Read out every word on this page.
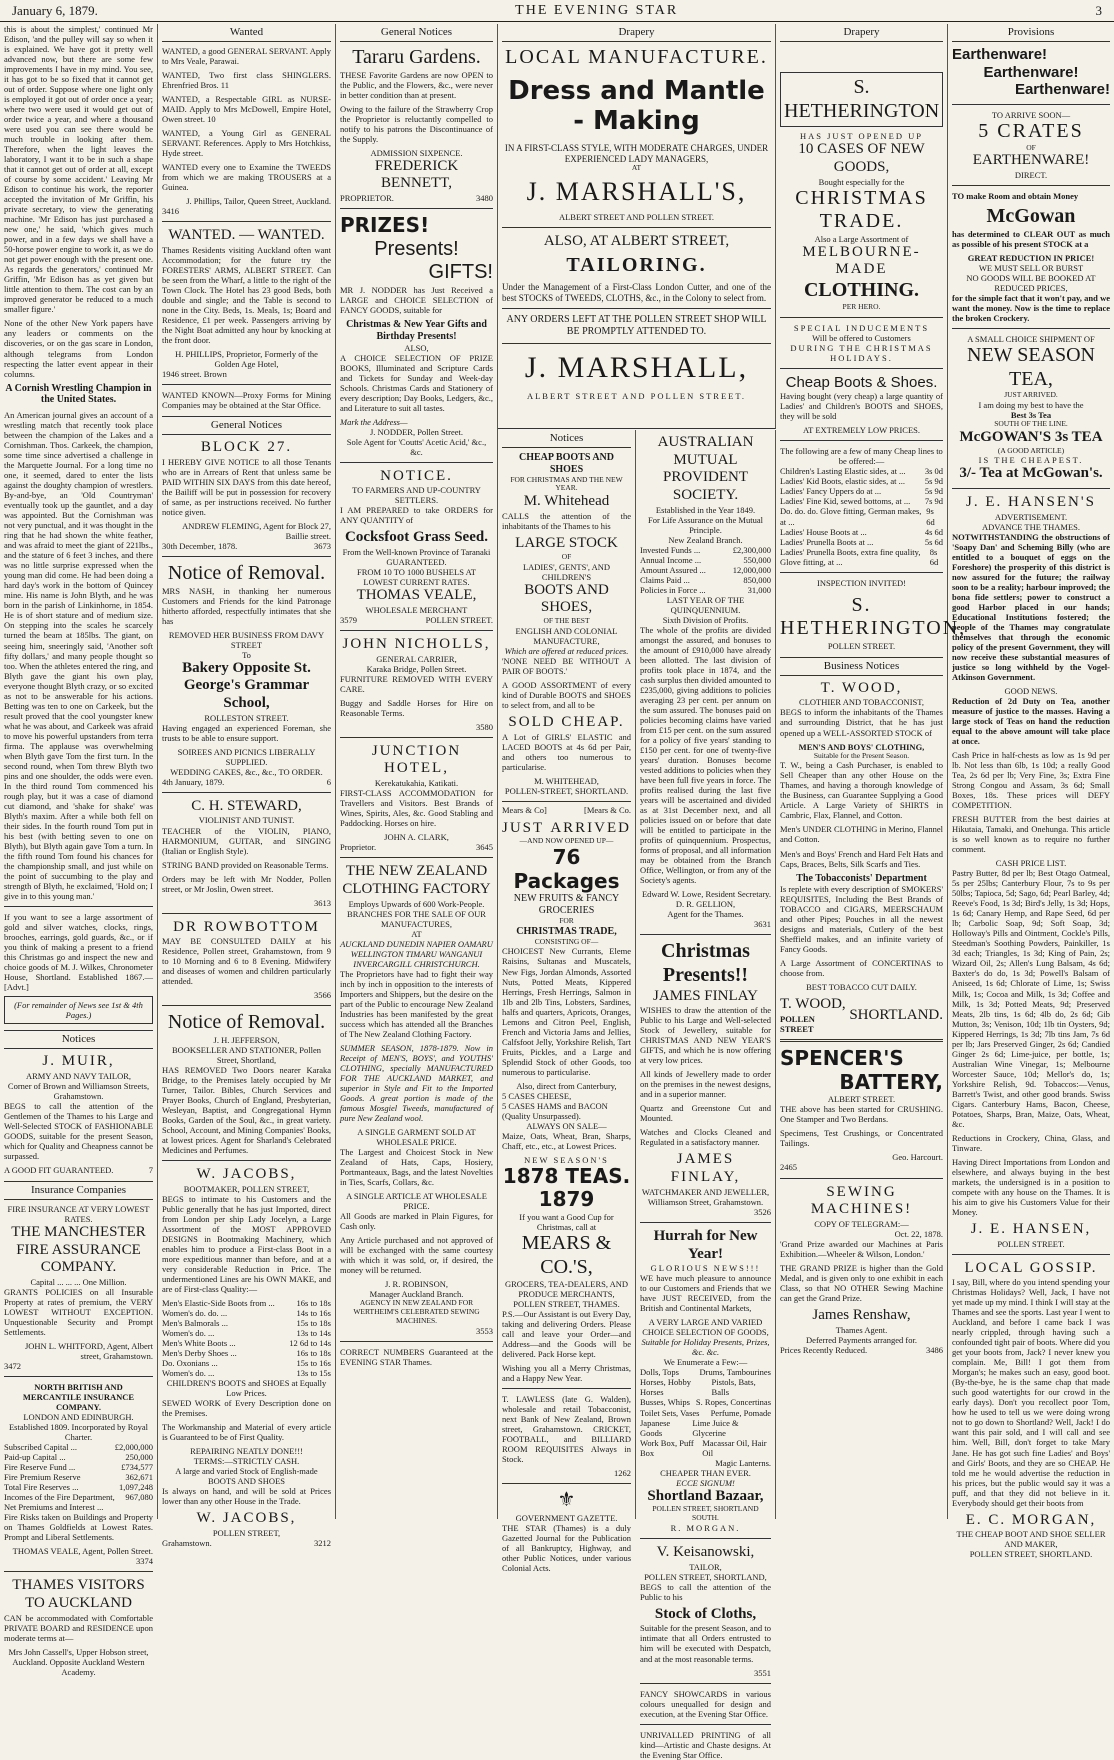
January 6, 1879.	THE EVENING STAR	3

this is about the simplest,' continued Mr Edison, 'and the pulley will say so when it is explained. We have got it pretty well advanced now, but there are some few improvements I have in my mind. You see, it has got to be so fixed that it cannot get out of order. Suppose where one light only is employed it got out of order once a year; where two were used it would get out of order twice a year, and where a thousand were used you can see there would be much trouble in looking after them. Therefore, when the light leaves the laboratory, I want it to be in such a shape that it cannot get out of order at all, except of course by some accident.' Leaving Mr Edison to continue his work, the reporter accepted the invitation of Mr Griffin, his private secretary, to view the generating machine. 'Mr Edison has just purchased a new one,' he said, 'which gives much power, and in a few days we shall have a 50-horse power engine to work it, as we do not get power enough with the present one. As regards the generators,' continued Mr Griffin, 'Mr Edison has as yet given but little attention to them. The cost can by an improved generator be reduced to a much smaller figure.'

None of the other New York papers have any leaders or comments on the discoveries, or on the gas scare in London, although telegrams from London respecting the latter event appear in their columns.

A Cornish Wrestling Champion in the United States.

An American journal gives an account of a wrestling match that recently took place between the champion of the Lakes and a Cornishman. Thos. Carkeek, the champion, some time since advertised a challenge in the Marquette Journal. For a long time no one, it seemed, dared to enter the lists against the doughty champion of wrestlers. By-and-bye, an 'Old Countryman' eventually took up the gauntlet, and a day was appointed. But the Cornishman was not very punctual, and it was thought in the ring that he had shown the white feather, and was afraid to meet the giant of 221lbs., and the stature of 6 feet 3 inches, and there was no little surprise expressed when the young man did come. He had been doing a hard day's work in the bottom of Quincey mine. His name is John Blyth, and he was born in the parish of Linkinhorne, in 1854. He is of short stature and of medium size. On stepping into the scales he scarcely turned the beam at 185lbs. The giant, on seeing him, sneeringly said, 'Another soft fifty dollars,' and many people thought so too. When the athletes entered the ring, and Blyth gave the giant his own play, everyone thought Blyth crazy, or so excited as not to be answerable for his actions. Betting was ten to one on Carkeek, but the result proved that the cool youngster knew what he was about, and Carkeek was afraid to move his powerful upstanders from terra firma. The applause was overwhelming when Blyth gave Tom the first turn. In the second round, when Tom threw Blyth two pins and one shoulder, the odds were even. In the third round Tom commenced his rough play, but it was a case of diamond cut diamond, and 'shake for shake' was Blyth's maxim. After a while both fell on their sides. In the fourth round Tom put in his best (with betting seven to one on Blyth), but Blyth again gave Tom a turn. In the fifth round Tom found his chances for the championship small, and just while on the point of succumbing to the play and strength of Blyth, he exclaimed, 'Hold on; I give in to this young man.'

If you want to see a large assortment of gold and silver watches, clocks, rings, brooches, earrings, gold guards, &c., or if you think of making a present to a friend this Christmas go and inspect the new and choice goods of M. J. Wilkes, Chronometer House, Shortland. Established 1867.—[Advt.]

(For remainder of News see 1st & 4th Pages.)
Notices
J. MUIR,
ARMY AND NAVY TAILOR,
Corner of Brown and Williamson Streets, Grahamstown.

BEGS to call the attention of the Gentlemen of the Thames to his Large and Well-Selected STOCK of FASHIONABLE GOODS, suitable for the present Season, which for Quality and Cheapness cannot be surpassed.

A GOOD FIT GUARANTEED.	7
Insurance Companies
FIRE INSURANCE AT VERY LOWEST RATES.
THE MANCHESTER FIRE ASSURANCE COMPANY.
Capital ... ... ... One Million.

GRANTS POLICIES on all Insurable Property at rates of premium, the VERY LOWEST WITHOUT EXCEPTION. Unquestionable Security and Prompt Settlements.

JOHN L. WHITFORD, Agent, Albert street, Grahamstown.
3472
NORTH BRITISH AND MERCANTILE INSURANCE COMPANY.
LONDON AND EDINBURGH.
Established 1809. Incorporated by Royal Charter.
Subscribed Capital ...	£2,000,000
Paid-up Capital ...	250,000
Fire Reserve Fund ...	£734,577
Fire Premium Reserve	362,671
Total Fire Reserves ...	1,097,248
Incomes of the Fire Department, Net Premiums and Interest ...
967,080

Fire Risks taken on Buildings and Property on Thames Goldfields at Lowest Rates. Prompt and Liberal Settlements.

THOMAS VEALE, Agent, Pollen Street.
3374
THAMES VISITORS TO AUCKLAND

CAN be accommodated with Comfortable PRIVATE BOARD and RESIDENCE upon moderate terms at—

Mrs John Cassell's, Upper Hobson street, Auckland. Opposite Auckland Western Academy.
Wanted

WANTED, a good GENERAL SERVANT. Apply to Mrs Veale, Parawai.

WANTED, Two first class SHINGLERS. Ehrenfried Bros. 11

WANTED, a Respectable GIRL as NURSE-MAID. Apply to Mrs McDowell, Empire Hotel, Owen street. 10

WANTED, a Young Girl as GENERAL SERVANT. References. Apply to Mrs Hotchkiss, Hyde street.

WANTED every one to Examine the TWEEDS from which we are making TROUSERS at a Guinea.

J. Phillips, Tailor, Queen Street, Auckland.
3416
WANTED. — WANTED.

Thames Residents visiting Auckland often want Accommodation; for the future try the FORESTERS' ARMS, ALBERT STREET. Can be seen from the Wharf, a little to the right of the Town Clock. The Hotel has 23 good Beds, both double and single; and the Table is second to none in the City. Beds, 1s. Meals, 1s; Board and Residence, £1 per week. Passengers arriving by the Night Boat admitted any hour by knocking at the front door.

H. PHILLIPS, Proprietor, Formerly of the Golden Age Hotel,
1946 street. Brown

WANTED KNOWN—Proxy Forms for Mining Companies may be obtained at the Star Office.

General Notices
BLOCK 27.

I HEREBY GIVE NOTICE to all those Tenants who are in Arrears of Rent that unless same be PAID WITHIN SIX DAYS from this date hereof, the Bailiff will be put in possession for recovery of same, as per instructions received. No further notice given.

ANDREW FLEMING, Agent for Block 27, Baillie street.
30th December, 1878.	3673
Notice of Removal.

MRS NASH, in thanking her numerous Customers and Friends for the kind Patronage hitherto afforded, respectfully intimates that she has

REMOVED HER BUSINESS FROM DAVY STREET
To
Bakery Opposite St. George's Grammar School,
ROLLESTON STREET.

Having engaged an experienced Foreman, she trusts to be able to ensure support.

SOIREES AND PICNICS LIBERALLY SUPPLIED.
WEDDING CAKES, &c., &c., TO ORDER.
4th January, 1879.	6
C. H. STEWARD,
VIOLINIST AND TUNIST.

TEACHER of the VIOLIN, PIANO, HARMONIUM, GUITAR, and SINGING (Italian or English Style).

STRING BAND provided on Reasonable Terms.

Orders may be left with Mr Nodder, Pollen street, or Mr Joslin, Owen street.

3613
DR ROWBOTTOM

MAY BE CONSULTED DAILY at his Residence, Pollen street, Grahamstown, from 9 to 10 Morning and 6 to 8 Evening. Midwifery and diseases of women and children particularly attended.

3566
Notice of Removal.
J. H. JEFFERSON,
BOOKSELLER AND STATIONER, Pollen Street, Shortland,

HAS REMOVED Two Doors nearer Karaka Bridge, to the Premises lately occupied by Mr Turner, Tailor. Bibles, Church Services and Prayer Books, Church of England, Presbyterian, Wesleyan, Baptist, and Congregational Hymn Books, Garden of the Soul, &c., in great variety. School, Account, and Mining Companies' Books, at lowest prices. Agent for Sharland's Celebrated Medicines and Perfumes.

W. JACOBS,
BOOTMAKER, POLLEN STREET,

BEGS to intimate to his Customers and the Public generally that he has just Imported, direct from London per ship Lady Jocelyn, a Large Assortment of the MOST APPROVED DESIGNS in Bootmaking Machinery, which enables him to produce a First-class Boot in a more expeditious manner than before, and at a very considerable Reduction in Price. The undermentioned Lines are his OWN MAKE, and are of First-class Quality:—

Men's Elastic-Side Boots from ...	16s to 18s
Women's do. do. ...	14s to 16s
Men's Balmorals ...	15s to 18s
Women's do. ...	13s to 14s
Men's White Boots ...	12 6d to 14s
Men's Derby Shoes ...	16s to 18s
Do. Oxonians ...	15s to 16s
Women's do. ...	13s to 15s
CHILDREN'S BOOTS and SHOES at Equally Low Prices.

SEWED WORK of Every Description done on the Premises.

The Workmanship and Material of every article is Guaranteed to be of First Quality.

REPAIRING NEATLY DONE!!!
TERMS:—STRICTLY CASH.
A large and varied Stock of English-made BOOTS AND SHOES

Is always on hand, and will be sold at Prices lower than any other House in the Trade.

W. JACOBS,
POLLEN STREET,
Grahamstown.	3212
General Notices
Tararu Gardens.

THESE Favorite Gardens are now OPEN to the Public, and the Flowers, &c., were never in better condition than at present.

Owing to the failure of the Strawberry Crop the Proprietor is reluctantly compelled to notify to his patrons the Discontinuance of the Supply.

ADMISSION SIXPENCE.
FREDERICK BENNETT,
PROPRIETOR.	3480
PRIZES!
Presents!
GIFTS!

MR J. NODDER has Just Received a LARGE and CHOICE SELECTION of FANCY GOODS, suitable for

Christmas & New Year Gifts and Birthday Presents!
ALSO,

A CHOICE SELECTION OF PRIZE BOOKS, Illuminated and Scripture Cards and Tickets for Sunday and Week-day Schools. Christmas Cards and Stationery of every description; Day Books, Ledgers, &c., and Literature to suit all tastes.

Mark the Address—
J. NODDER, Pollen Street.
Sole Agent for 'Coutts' Acetic Acid,' &c., &c.
NOTICE.
TO FARMERS AND UP-COUNTRY SETTLERS.

I AM PREPARED to take ORDERS for ANY QUANTITY of

Cocksfoot Grass Seed.
From the Well-known Province of Taranaki GUARANTEED.
FROM 10 TO 1000 BUSHELS AT LOWEST CURRENT RATES.
THOMAS VEALE,
WHOLESALE MERCHANT
3579	POLLEN STREET.
JOHN NICHOLLS,
GENERAL CARRIER,
Karaka Bridge, Pollen Street.

FURNITURE REMOVED WITH EVERY CARE.

Buggy and Saddle Horses for Hire on Reasonable Terms.

3580
JUNCTION HOTEL,
Kerekatukahia, Katikati.

FIRST-CLASS ACCOMMODATION for Travellers and Visitors. Best Brands of Wines, Spirits, Ales, &c. Good Stabling and Paddocking. Horses on hire.

JOHN A. CLARK,
Proprietor.	3645
THE NEW ZEALAND CLOTHING FACTORY
Employs Upwards of 600 Work-People.
BRANCHES FOR THE SALE OF OUR MANUFACTURES,
AT
AUCKLAND DUNEDIN NAPIER OAMARU WELLINGTON TIMARU WANGANUI INVERCARGILL CHRISTCHURCH.

The Proprietors have had to fight their way inch by inch in opposition to the interests of Importers and Shippers, but the desire on the part of the Public to encourage New Zealand Industries has been manifested by the great success which has attended all the Branches of The New Zealand Clothing Factory.

SUMMER SEASON, 1878-1879. Now in Receipt of MEN'S, BOYS', and YOUTHS' CLOTHING, specially MANUFACTURED FOR THE AUCKLAND MARKET, and superior in Style and Fit to the Imported Goods. A great portion is made of the famous Mosgiel Tweeds, manufactured of pure New Zealand wool.

A SINGLE GARMENT SOLD AT WHOLESALE PRICE.

The Largest and Choicest Stock in New Zealand of Hats, Caps, Hosiery, Portmanteaux, Bags, and the latest Novelties in Ties, Scarfs, Collars, &c.

A SINGLE ARTICLE AT WHOLESALE PRICE.

All Goods are marked in Plain Figures, for Cash only.

Any Article purchased and not approved of will be exchanged with the same courtesy with which it was sold, or, if desired, the money will be returned.

J. R. ROBINSON,
Manager Auckland Branch.
AGENCY IN NEW ZEALAND FOR WERTHEIM'S CELEBRATED SEWING MACHINES.
3553

CORRECT NUMBERS Guaranteed at the EVENING STAR Thames.

Drapery
LOCAL MANUFACTURE.
Dress and Mantle - Making
IN A FIRST-CLASS STYLE, WITH MODERATE CHARGES, UNDER EXPERIENCED LADY MANAGERS,
AT
J. MARSHALL'S,
ALBERT STREET AND POLLEN STREET.
ALSO, AT ALBERT STREET,
TAILORING.

Under the Management of a First-Class London Cutter, and one of the best STOCKS of TWEEDS, CLOTHS, &c., in the Colony to select from.

ANY ORDERS LEFT AT THE POLLEN STREET SHOP WILL BE PROMPTLY ATTENDED TO.
J. MARSHALL,
ALBERT STREET AND POLLEN STREET.
Notices
CHEAP BOOTS AND SHOES
FOR CHRISTMAS AND THE NEW YEAR.
M. Whitehead

CALLS the attention of the inhabitants of the Thames to his

LARGE STOCK
OF
LADIES', GENTS', AND CHILDREN'S
BOOTS AND SHOES,
OF THE BEST
ENGLISH AND COLONIAL MANUFACTURE,
Which are offered at reduced prices.

'NONE NEED BE WITHOUT A PAIR OF BOOTS.'

A GOOD ASSORTMENT of every kind of Durable BOOTS and SHOES to select from, and all to be

SOLD CHEAP.

A Lot of GIRLS' ELASTIC and LACED BOOTS at 4s 6d per Pair, and others too numerous to particularise.

M. WHITEHEAD,
POLLEN-STREET, SHORTLAND.
Mears & Co]	[Mears & Co.
JUST ARRIVED
—AND NOW OPENED UP—
76 Packages
NEW FRUITS & FANCY GROCERIES
FOR
CHRISTMAS TRADE,
CONSISTING OF—

CHOICEST New Currants, Eleme Raisins, Sultanas and Muscatels, New Figs, Jordan Almonds, Assorted Nuts, Potted Meats, Kippered Herrings, Fresh Herrings, Salmon in 1lb and 2lb Tins, Lobsters, Sardines, halfs and quarters, Apricots, Oranges, Lemons and Citron Peel, English, French and Victoria Jams and Jellies, Calfsfoot Jelly, Yorkshire Relish, Tart Fruits, Pickles, and a Large and Splendid Stock of other Goods, too numerous to particularise.

Also, direct from Canterbury,
5 CASES CHEESE,
5 CASES HAMS and BACON (Quality Unsurpassed).
ALWAYS ON SALE—

Maize, Oats, Wheat, Bran, Sharps, Chaff, etc., etc., at Lowest Prices.

NEW SEASON'S
1878 TEAS. 1879
If you want a Good Cup for Christmas, call at
MEARS & CO.'S,
GROCERS, TEA-DEALERS, AND PRODUCE MERCHANTS, POLLEN STREET, THAMES.

P.S.—Our Assistant is out Every Day, taking and delivering Orders. Please call and leave your Order—and Address—and the Goods will be delivered. Pack Horse kept.

Wishing you all a Merry Christmas, and a Happy New Year.

T. LAWLESS (late G. Walden), wholesale and retail Tobacconist, next Bank of New Zealand, Brown street, Grahamstown. CRICKET, FOOTBALL, and BILLIARD ROOM REQUISITES Always in Stock.

1262
⚜
GOVERNMENT GAZETTE.

THE STAR (Thames) is a duly Gazetted Journal for the Publication of all Bankruptcy, Highway, and other Public Notices, under various Colonial Acts.

AUSTRALIAN MUTUAL PROVIDENT SOCIETY.
Established in the Year 1849.
For Life Assurance on the Mutual Principle.
New Zealand Branch.
Invested Funds ...	£2,300,000
Annual Income ...	550,000
Amount Assured ...	12,000,000
Claims Paid ...	850,000
Policies in Force ...	31,000
LAST YEAR OF THE QUINQUENNIUM.
Sixth Division of Profits.

The whole of the profits are divided amongst the assured, and bonuses to the amount of £910,000 have already been allotted. The last division of profits took place in 1874, and the cash surplus then divided amounted to £235,000, giving additions to policies averaging 23 per cent. per annum on the sum assured. The bonuses paid on policies becoming claims have varied from £15 per cent. on the sum assured for a policy of five years' standing to £150 per cent. for one of twenty-five years' duration. Bonuses become vested additions to policies when they have been full five years in force. The profits realised during the last five years will be ascertained and divided as at 31st December next, and all policies issued on or before that date will be entitled to participate in the profits of quinquennium. Prospectus, forms of proposal, and all information may be obtained from the Branch Office, Wellington, or from any of the Society's agents.

Edward W. Lowe, Resident Secretary.
D. R. GELLION,
Agent for the Thames.
3631
Christmas Presents!!
JAMES FINLAY

WISHES to draw the attention of the Public to his Large and Well-selected Stock of Jewellery, suitable for CHRISTMAS AND NEW YEAR'S GIFTS, and which he is now offering at very low prices.

All kinds of Jewellery made to order on the premises in the newest designs, and in a superior manner.

Quartz and Greenstone Cut and Mounted.

Watches and Clocks Cleaned and Regulated in a satisfactory manner.

JAMES FINLAY,
WATCHMAKER AND JEWELLER, Williamson Street, Grahamstown.
3526
Hurrah for New Year!
GLORIOUS NEWS!!!

WE have much pleasure to announce to our Customers and Friends that we have JUST RECEIVED, from the British and Continental Markets,

A VERY LARGE AND VARIED CHOICE SELECTION OF GOODS,
Suitable for Holiday Presents, Prizes, &c. &c.
We Enumerate a Few:—
Dolls, Tops Drums, Tambourines
Horses, Hobby Horses
Pistols, Bats, Balls
Busses, Whips S. Ropes, Concertinas
Toilet Sets, Vases Perfume, Pomade
Japanese Goods
Lime Juice & Glycerine
Work Box, Puff Box
Macassar Oil, Hair Oil
Magic Lanterns.
CHEAPER THAN EVER.
ECCE SIGNUM!
Shortland Bazaar,
POLLEN STREET, SHORTLAND SOUTH.
R. MORGAN.
V. Keisanowski,
TAILOR,
POLLEN STREET, SHORTLAND,

BEGS to call the attention of the Public to his

Stock of Cloths,

Suitable for the present Season, and to intimate that all Orders entrusted to him will be executed with Despatch, and at the most reasonable terms.

3551

FANCY SHOWCARDS in various colours unequalled for design and execution, at the Evening Star Office.

UNRIVALLED PRINTING of all kind—Artistic and Chaste designs. At the Evening Star Office.

Drapery
S. HETHERINGTON
HAS JUST OPENED UP
10 CASES OF NEW GOODS,
Bought especially for the
CHRISTMAS
TRADE.
Also a Large Assortment of
MELBOURNE-MADE
CLOTHING.
PER HERO.
SPECIAL INDUCEMENTS
Will be offered to Customers
DURING THE CHRISTMAS HOLIDAYS.
Cheap Boots & Shoes.

Having bought (very cheap) a large quantity of Ladies' and Children's BOOTS and SHOES, they will be sold

AT EXTREMELY LOW PRICES.
The following are a few of many Cheap lines to be offered:—
Children's Lasting Elastic sides, at ... 3s 0d
Ladies' Kid Boots, elastic sides, at ... 5s 9d
Ladies' Fancy Uppers do at ...	5s 9d
Ladies' Fine Kid, sewed bottoms, at ... 7s 9d
Do. do. do. Glove fitting, German makes, at ...
9s 6d
Ladies' House Boots at ...	4s 6d
Ladies' Prunella Boots at ...	5s 6d
Ladies' Prunella Boots, extra fine quality, Glove fitting, at ...
8s 6d
INSPECTION INVITED!
S. HETHERINGTON,
POLLEN STREET.
Business Notices
T. WOOD,
CLOTHIER AND TOBACCONIST,

BEGS to inform the inhabitants of the Thames and surrounding District, that he has just opened up a WELL-ASSORTED STOCK of

MEN'S AND BOYS' CLOTHING,
Suitable for the Present Season.

T. W., being a Cash Purchaser, is enabled to Sell Cheaper than any other House on the Thames, and having a thorough knowledge of the Business, can Guarantee Supplying a Good Article. A Large Variety of SHIRTS in Cambric, Flax, Flannel, and Cotton.

Men's UNDER CLOTHING in Merino, Flannel and Cotton.

Men's and Boys' French and Hard Felt Hats and Caps, Braces, Belts, Silk Scarfs and Ties.

The Tobacconists' Department

Is replete with every description of SMOKERS' REQUISITES, Including the Best Brands of TOBACCO and CIGARS, MEERSCHAUM and other Pipes; Pouches in all the newest designs and materials, Cutlery of the best Sheffield makes, and an infinite variety of Fancy Goods.

A Large Assortment of CONCERTINAS to choose from.

BEST TOBACCO CUT DAILY.
T. WOOD,
POLLEN STREET
SHORTLAND.
SPENCER'S
BATTERY,
ALBERT STREET.

THE above has been started for CRUSHING. One Stamper and Two Berdans.

Specimens, Test Crushings, or Concentrated Tailings.

Geo. Harcourt.
2465
SEWING MACHINES!
COPY OF TELEGRAM:—
Oct. 22, 1878.

'Grand Prize awarded our Machines at Paris Exhibition.—Wheeler & Wilson, London.'

THE GRAND PRIZE is higher than the Gold Medal, and is given only to one exhibit in each Class, so that NO OTHER Sewing Machine can get the Grand Prize.

James Renshaw,
Thames Agent.
Deferred Payments arranged for.
Prices Recently Reduced.	3486
Provisions
Earthenware!
Earthenware!
Earthenware!
TO ARRIVE SOON—
5 CRATES
OF
EARTHENWARE!
DIRECT.

TO make Room and obtain Money

McGowan

has determined to CLEAR OUT as much as possible of his present STOCK at a

GREAT REDUCTION IN PRICE!
WE MUST SELL OR BURST
NO GOODS WILL BE BOOKED AT REDUCED PRICES,

for the simple fact that it won't pay, and we want the money. Now is the time to replace the broken Crockery.

A SMALL CHOICE SHIPMENT OF
NEW SEASON TEA,
JUST ARRIVED.
I am doing my best to have the
Best 3s Tea
SOUTH OF THE LINE.
McGOWAN'S 3s TEA
(A GOOD ARTICLE)
IS THE CHEAPEST.
3/- Tea at McGowan's.
J. E. HANSEN'S
ADVERTISEMENT.
ADVANCE THE THAMES.

NOTWITHSTANDING the obstructions of 'Soapy Dan' and Scheming Billy (who are entitled to a bouquet of eggs on the Foreshore) the prosperity of this district is now assured for the future; the railway soon to be a reality; harbour improved; the bona fide settlers; power to construct a good Harbor placed in our hands; Educational Institutions fostered; the people of the Thames may congratulate themselves that through the economic policy of the present Government, they will now receive these substantial measures of justice so long withheld by the Vogel-Atkinson Government.

GOOD NEWS.

Reduction of 2d Duty on Tea, another measure of justice to the masses. Having a large stock of Teas on hand the reduction equal to the above amount will take place at once.

Cash Price in half-chests as low as 1s 9d per lb. Not less than 6lb, 1s 10d; a really Good Tea, 2s 6d per lb; Very Fine, 3s; Extra Fine Strong Congou and Assam, 3s 6d; Small Boxes, 18s. These prices will DEFY COMPETITION.

FRESH BUTTER from the best dairies at Hikutaia, Tamaki, and Onehunga. This article is so well known as to require no further comment.

CASH PRICE LIST.

Pastry Butter, 8d per lb; Best Otago Oatmeal, 5s per 25lbs; Canterbury Flour, 7s to 9s per 50lbs; Tapioca, 5d; Sago, 6d; Pearl Barley, 4d; Reeve's Food, 1s 3d; Bird's Jelly, 1s 3d; Hops, 1s 6d; Canary Hemp, and Rape Seed, 6d per lb; Carbolic Soap, 9d; Soft Soap, 3d; Holloway's Pills and Ointment, Cockle's Pills, Steedman's Soothing Powders, Painkiller, 1s 3d each; Triangles, 1s 3d; King of Pain, 2s; Wizard Oil, 2s; Allen's Lung Balsam, 4s 6d; Baxter's do do, 1s 3d; Powell's Balsam of Aniseed, 1s 6d; Chlorate of Lime, 1s; Swiss Milk, 1s; Cocoa and Milk, 1s 3d; Coffee and Milk, 1s 3d; Potted Meats, 9d; Preserved Meats, 2lb tins, 1s 6d; 4lb do, 2s 6d; Gib Mutton, 3s; Venison, 10d; 1lb tin Oysters, 9d; Kippered Herrings, 1s 3d; 7lb tins Jam, 7s 6d per lb; Jars Preserved Ginger, 2s 6d; Candied Ginger 2s 6d; Lime-juice, per bottle, 1s; Australian Wine Vinegar, 1s; Melbourne Worcester Sauce, 10d; Mellor's do, 1s; Yorkshire Relish, 9d. Tobaccos:—Venus, Barrett's Twist, and other good brands. Swiss Cigars. Canterbury Hams, Bacon, Cheese, Potatoes, Sharps, Bran, Maize, Oats, Wheat, &c.

Reductions in Crockery, China, Glass, and Tinware.

Having Direct Importations from London and elsewhere, and always buying in the best markets, the undersigned is in a position to compete with any house on the Thames. It is his aim to give his Customers Value for their Money.

J. E. HANSEN,
POLLEN STREET.
LOCAL GOSSIP.

I say, Bill, where do you intend spending your Christmas Holidays? Well, Jack, I have not yet made up my mind. I think I will stay at the Thames and see the sports. Last year I went to Auckland, and before I came back I was nearly crippled, through having such a confounded tight pair of boots. Where did you get your boots from, Jack? I never knew you complain. Me, Bill! I got them from Morgan's; he makes such an easy, good boot. (By-the-bye, he is the same chap that made such good watertights for our crowd in the early days). Don't you recollect poor Tom, how he used to tell us we were doing wrong not to go down to Shortland? Well, Jack! I do want this pair sold, and I will call and see him. Well, Bill, don't forget to take Mary Jane. He has got such fine Ladies' and Boys' and Girls' Boots, and they are so CHEAP. He told me he would advertise the reduction in his prices, but the public would say it was a puff, and that they did not believe in it. Everybody should get their boots from

E. C. MORGAN,
THE CHEAP BOOT AND SHOE SELLER AND MAKER,
POLLEN STREET, SHORTLAND.
